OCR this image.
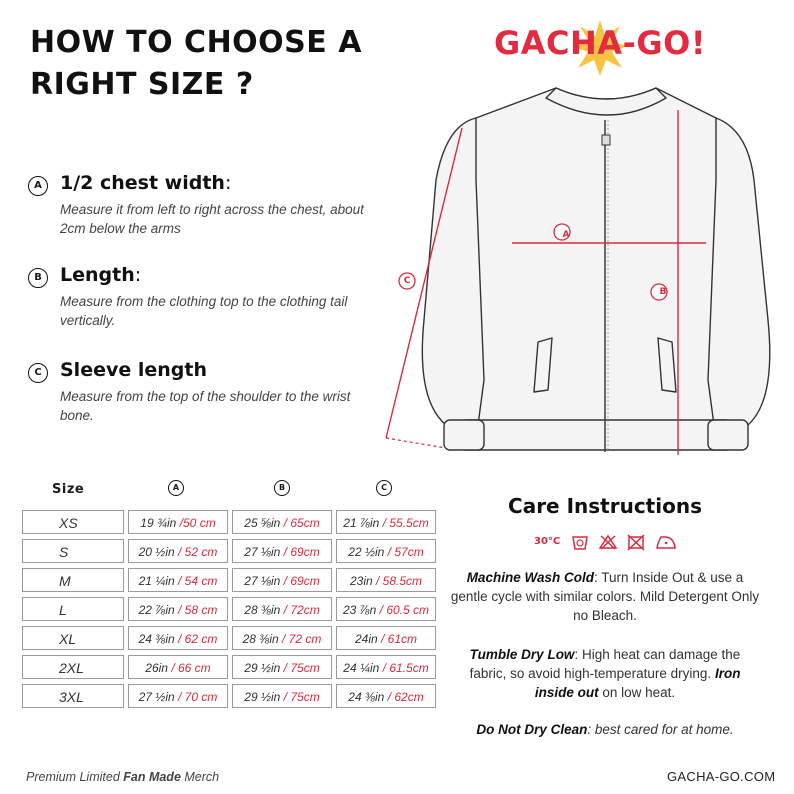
HOW TO CHOOSE A RIGHT SIZE ?
GACHA-GO!
A 1/2 chest width:
Measure it from left to right across the chest, about 2cm below the arms
B Length:
Measure from the clothing top to the clothing tail vertically.
C Sleeve length
Measure from the top of the shoulder to the wrist bone.
A
B
C
Size	A	B	C
XS	19 ¾in /50 cm	25 ⅝in / 65cm	21 ⅞in / 55.5cm
S	20 ½in / 52 cm	27 ⅛in / 69cm	22 ½in / 57cm
M	21 ¼in / 54 cm	27 ⅛in / 69cm	23in / 58.5cm
L	22 ⅞in / 58 cm	28 ⅜in / 72cm	23 ⅞n / 60.5 cm
XL	24 ⅜in / 62 cm	28 ⅜in / 72 cm	24in / 61cm
2XL	26in / 66 cm	29 ½in / 75cm	24 ¼in / 61.5cm
3XL	27 ½in / 70 cm	29 ½in / 75cm	24 ⅜in / 62cm
Care Instructions
30°C
Machine Wash Cold: Turn Inside Out & use a gentle cycle with similar colors. Mild Detergent Only no Bleach.
Tumble Dry Low: High heat can damage the fabric, so avoid high-temperature drying. Iron inside out on low heat.
Do Not Dry Clean: best cared for at home.
Premium Limited Fan Made Merch	GACHA-GO.COM
